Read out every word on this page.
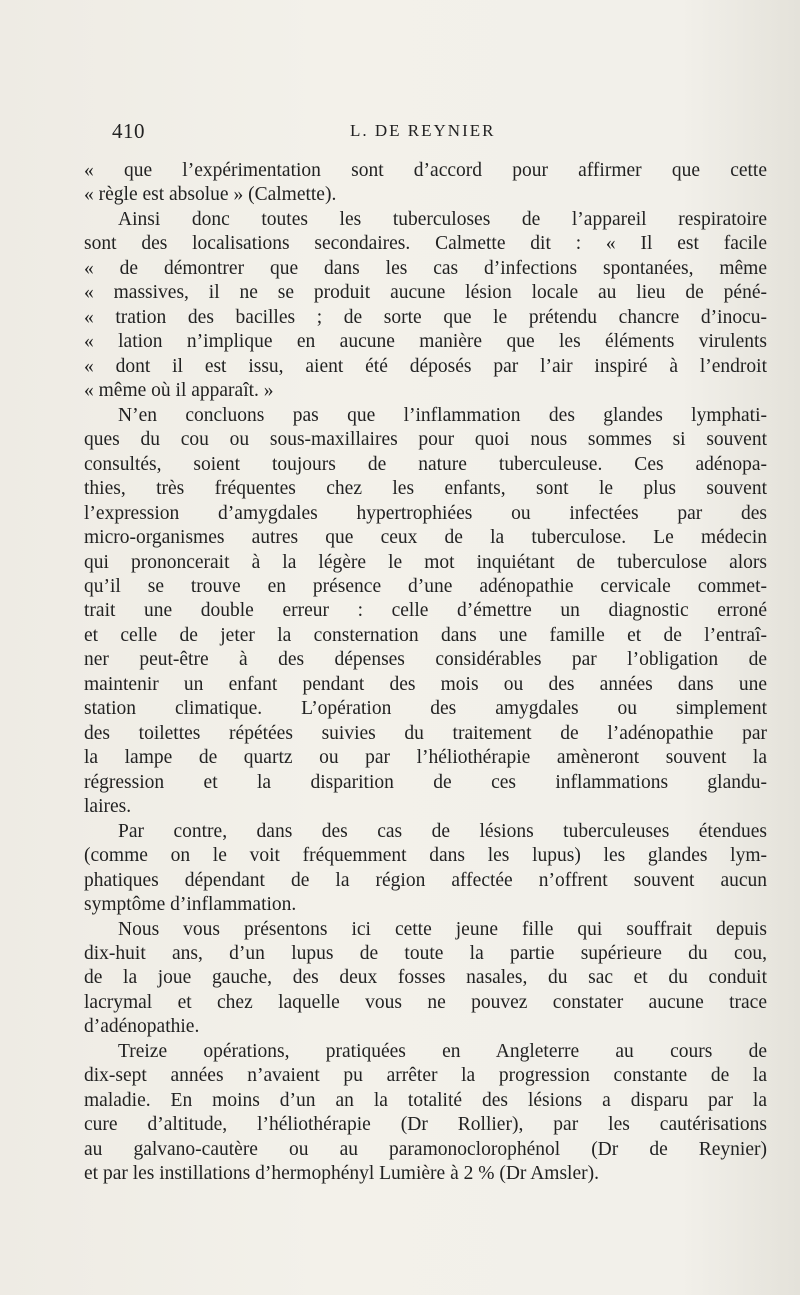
410	L. DE REYNIER
« que l’expérimentation sont d’accord pour affirmer que cette
« règle est absolue » (Calmette).
Ainsi donc toutes les tuberculoses de l’appareil respiratoire
sont des localisations secondaires. Calmette dit : « Il est facile
« de démontrer que dans les cas d’infections spontanées, même
« massives, il ne se produit aucune lésion locale au lieu de péné-
« tration des bacilles ; de sorte que le prétendu chancre d’inocu-
« lation n’implique en aucune manière que les éléments virulents
« dont il est issu, aient été déposés par l’air inspiré à l’endroit
« même où il apparaît. »
N’en concluons pas que l’inflammation des glandes lymphati-
ques du cou ou sous-maxillaires pour quoi nous sommes si souvent
consultés, soient toujours de nature tuberculeuse. Ces adénopa-
thies, très fréquentes chez les enfants, sont le plus souvent
l’expression d’amygdales hypertrophiées ou infectées par des
micro-organismes autres que ceux de la tuberculose. Le médecin
qui prononcerait à la légère le mot inquiétant de tuberculose alors
qu’il se trouve en présence d’une adénopathie cervicale commet-
trait une double erreur : celle d’émettre un diagnostic erroné
et celle de jeter la consternation dans une famille et de l’entraî-
ner peut-être à des dépenses considérables par l’obligation de
maintenir un enfant pendant des mois ou des années dans une
station climatique. L’opération des amygdales ou simplement
des toilettes répétées suivies du traitement de l’adénopathie par
la lampe de quartz ou par l’héliothérapie amèneront souvent la
régression et la disparition de ces inflammations glandu-
laires.
Par contre, dans des cas de lésions tuberculeuses étendues
(comme on le voit fréquemment dans les lupus) les glandes lym-
phatiques dépendant de la région affectée n’offrent souvent aucun
symptôme d’inflammation.
Nous vous présentons ici cette jeune fille qui souffrait depuis
dix-huit ans, d’un lupus de toute la partie supérieure du cou,
de la joue gauche, des deux fosses nasales, du sac et du conduit
lacrymal et chez laquelle vous ne pouvez constater aucune trace
d’adénopathie.
Treize opérations, pratiquées en Angleterre au cours de
dix-sept années n’avaient pu arrêter la progression constante de la
maladie. En moins d’un an la totalité des lésions a disparu par la
cure d’altitude, l’héliothérapie (Dr Rollier), par les cautérisations
au galvano-cautère ou au paramonoclorophénol (Dr de Reynier)
et par les instillations d’hermophényl Lumière à 2 % (Dr Amsler).
